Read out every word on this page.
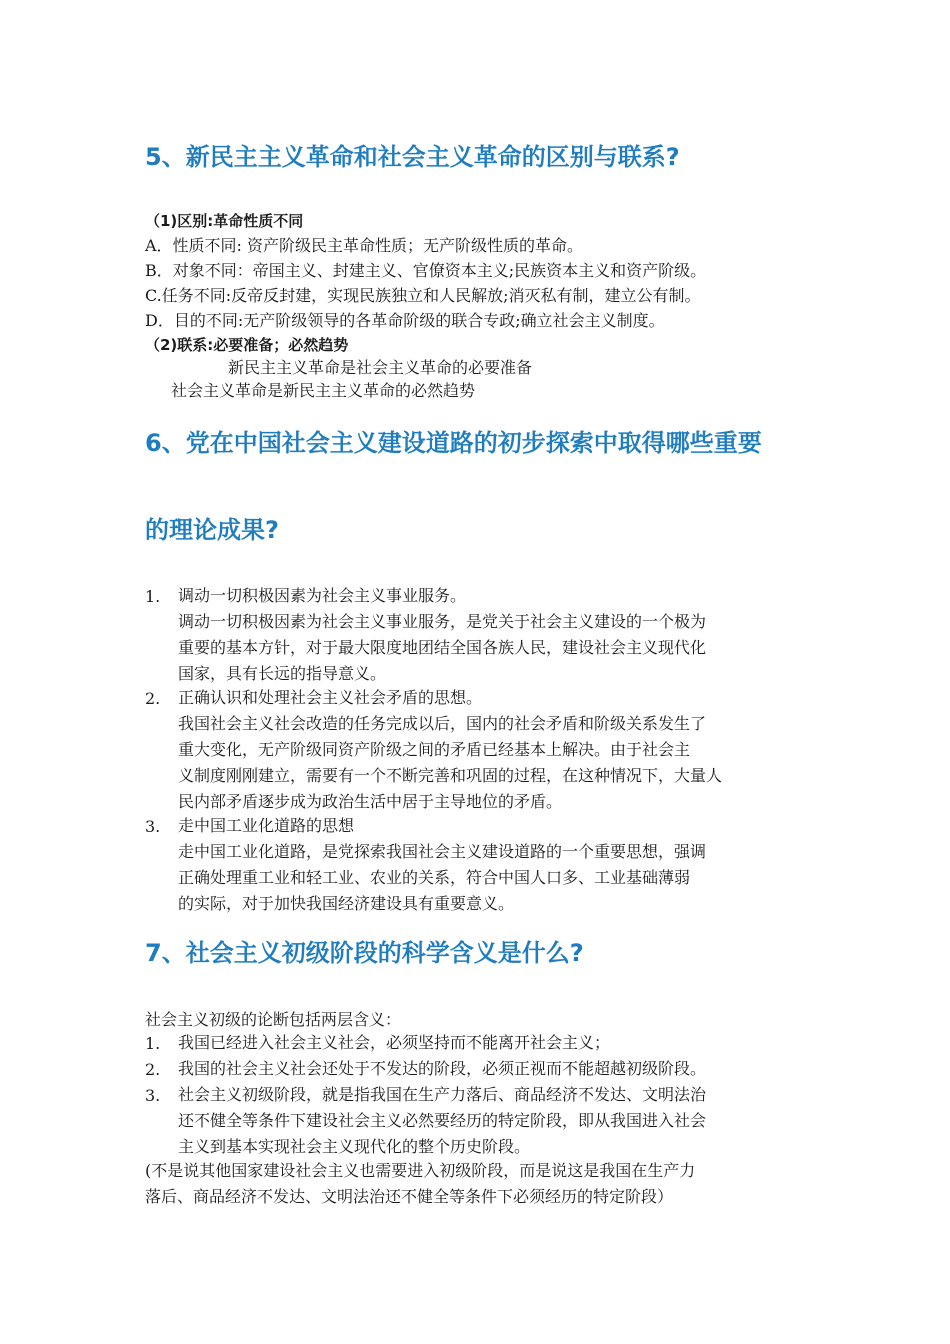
5、新民主主义革命和社会主义革命的区别与联系?
（1)区别:革命性质不同
A．性质不同: 资产阶级民主革命性质；无产阶级性质的革命。
B．对象不同：帝国主义、封建主义、官僚资本主义;民族资本主义和资产阶级。
C.任务不同:反帝反封建，实现民族独立和人民解放;消灭私有制，建立公有制。
D．目的不同:无产阶级领导的各革命阶级的联合专政;确立社会主义制度。
（2)联系:必要准备；必然趋势
新民主主义革命是社会主义革命的必要准备
社会主义革命是新民主主义革命的必然趋势
6、党在中国社会主义建设道路的初步探索中取得哪些重要
的理论成果?
1. 调动一切积极因素为社会主义事业服务。
调动一切积极因素为社会主义事业服务，是党关于社会主义建设的一个极为
重要的基本方针，对于最大限度地团结全国各族人民，建设社会主义现代化
国家，具有长远的指导意义。
2. 正确认识和处理社会主义社会矛盾的思想。
我国社会主义社会改造的任务完成以后，国内的社会矛盾和阶级关系发生了
重大变化，无产阶级同资产阶级之间的矛盾已经基本上解决。由于社会主
义制度刚刚建立，需要有一个不断完善和巩固的过程，在这种情况下，大量人
民内部矛盾逐步成为政治生活中居于主导地位的矛盾。
3. 走中国工业化道路的思想
走中国工业化道路，是党探索我国社会主义建设道路的一个重要思想，强调
正确处理重工业和轻工业、农业的关系，符合中国人口多、工业基础薄弱
的实际，对于加快我国经济建设具有重要意义。
7、社会主义初级阶段的科学含义是什么?
社会主义初级的论断包括两层含义：
1. 我国已经进入社会主义社会，必须坚持而不能离开社会主义；
2. 我国的社会主义社会还处于不发达的阶段，必须正视而不能超越初级阶段。
3. 社会主义初级阶段，就是指我国在生产力落后、商品经济不发达、文明法治
还不健全等条件下建设社会主义必然要经历的特定阶段，即从我国进入社会
主义到基本实现社会主义现代化的整个历史阶段。
(不是说其他国家建设社会主义也需要进入初级阶段，而是说这是我国在生产力
落后、商品经济不发达、文明法治还不健全等条件下必须经历的特定阶段）
